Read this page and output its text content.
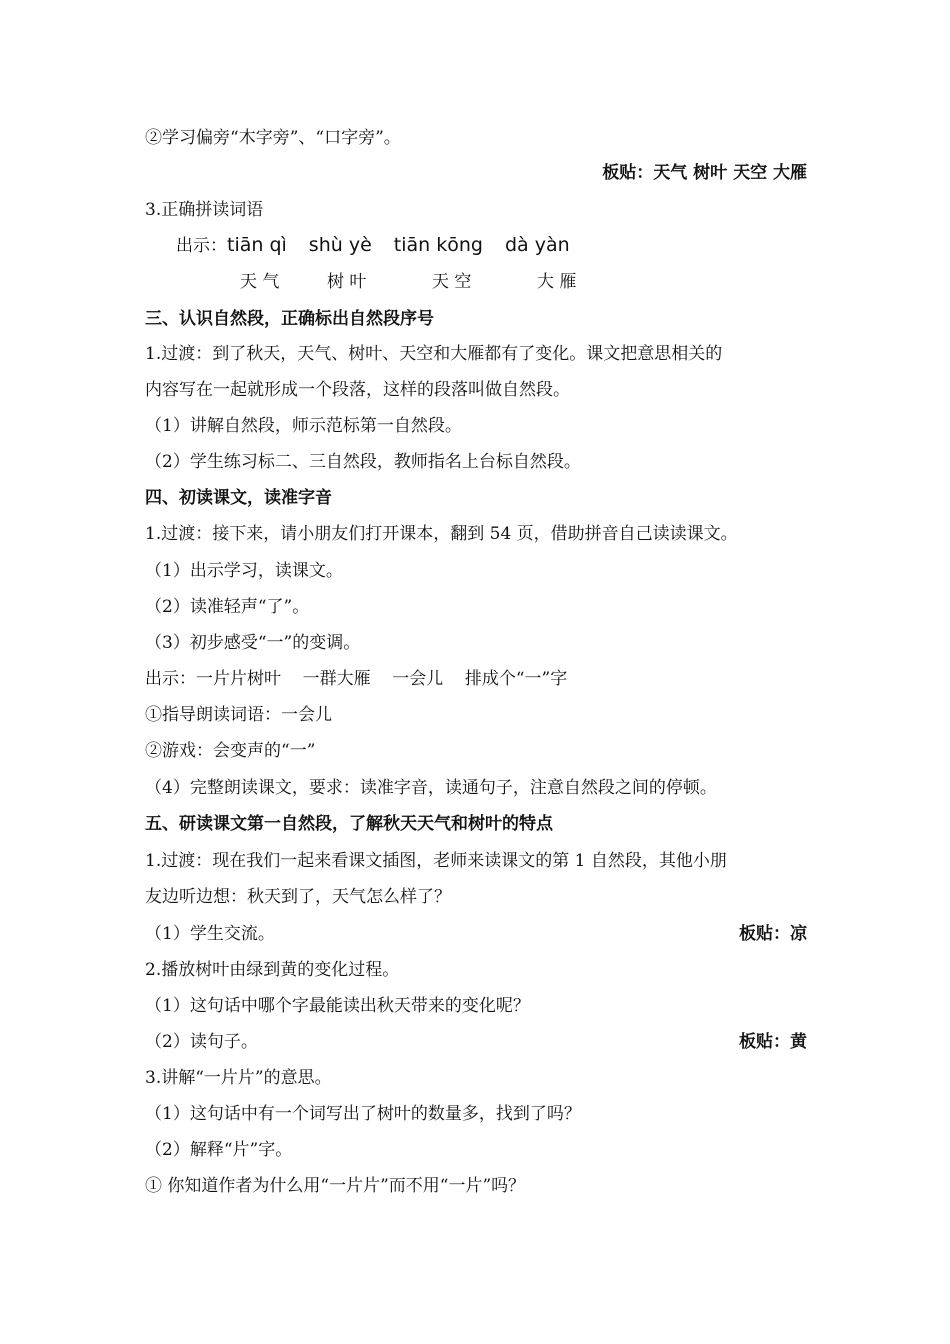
②学习偏旁“木字旁”、“口字旁”。
板贴：天气 树叶 天空 大雁
3.正确拼读词语
出示：tiān qì shù yè tiān kōng dà yàn
天 气	树 叶	天 空	大 雁
三、认识自然段，正确标出自然段序号
1.过渡：到了秋天，天气、树叶、天空和大雁都有了变化。课文把意思相关的
内容写在一起就形成一个段落，这样的段落叫做自然段。
（1）讲解自然段，师示范标第一自然段。
（2）学生练习标二、三自然段，教师指名上台标自然段。
四、初读课文，读准字音
1.过渡：接下来，请小朋友们打开课本，翻到 54 页，借助拼音自己读读课文。
（1）出示学习，读课文。
（2）读准轻声“了”。
（3）初步感受“一”的变调。
出示：一片片树叶    一群大雁    一会儿    排成个“一”字
①指导朗读词语：一会儿
②游戏：会变声的“一”
（4）完整朗读课文，要求：读准字音，读通句子，注意自然段之间的停顿。
五、研读课文第一自然段，了解秋天天气和树叶的特点
1.过渡：现在我们一起来看课文插图，老师来读课文的第 1 自然段，其他小朋
友边听边想：秋天到了，天气怎么样了？
（1）学生交流。	板贴：凉
2.播放树叶由绿到黄的变化过程。
（1）这句话中哪个字最能读出秋天带来的变化呢？
（2）读句子。	板贴：黄
3.讲解“一片片”的意思。
（1）这句话中有一个词写出了树叶的数量多，找到了吗？
（2）解释“片”字。
① 你知道作者为什么用“一片片”而不用“一片”吗？
